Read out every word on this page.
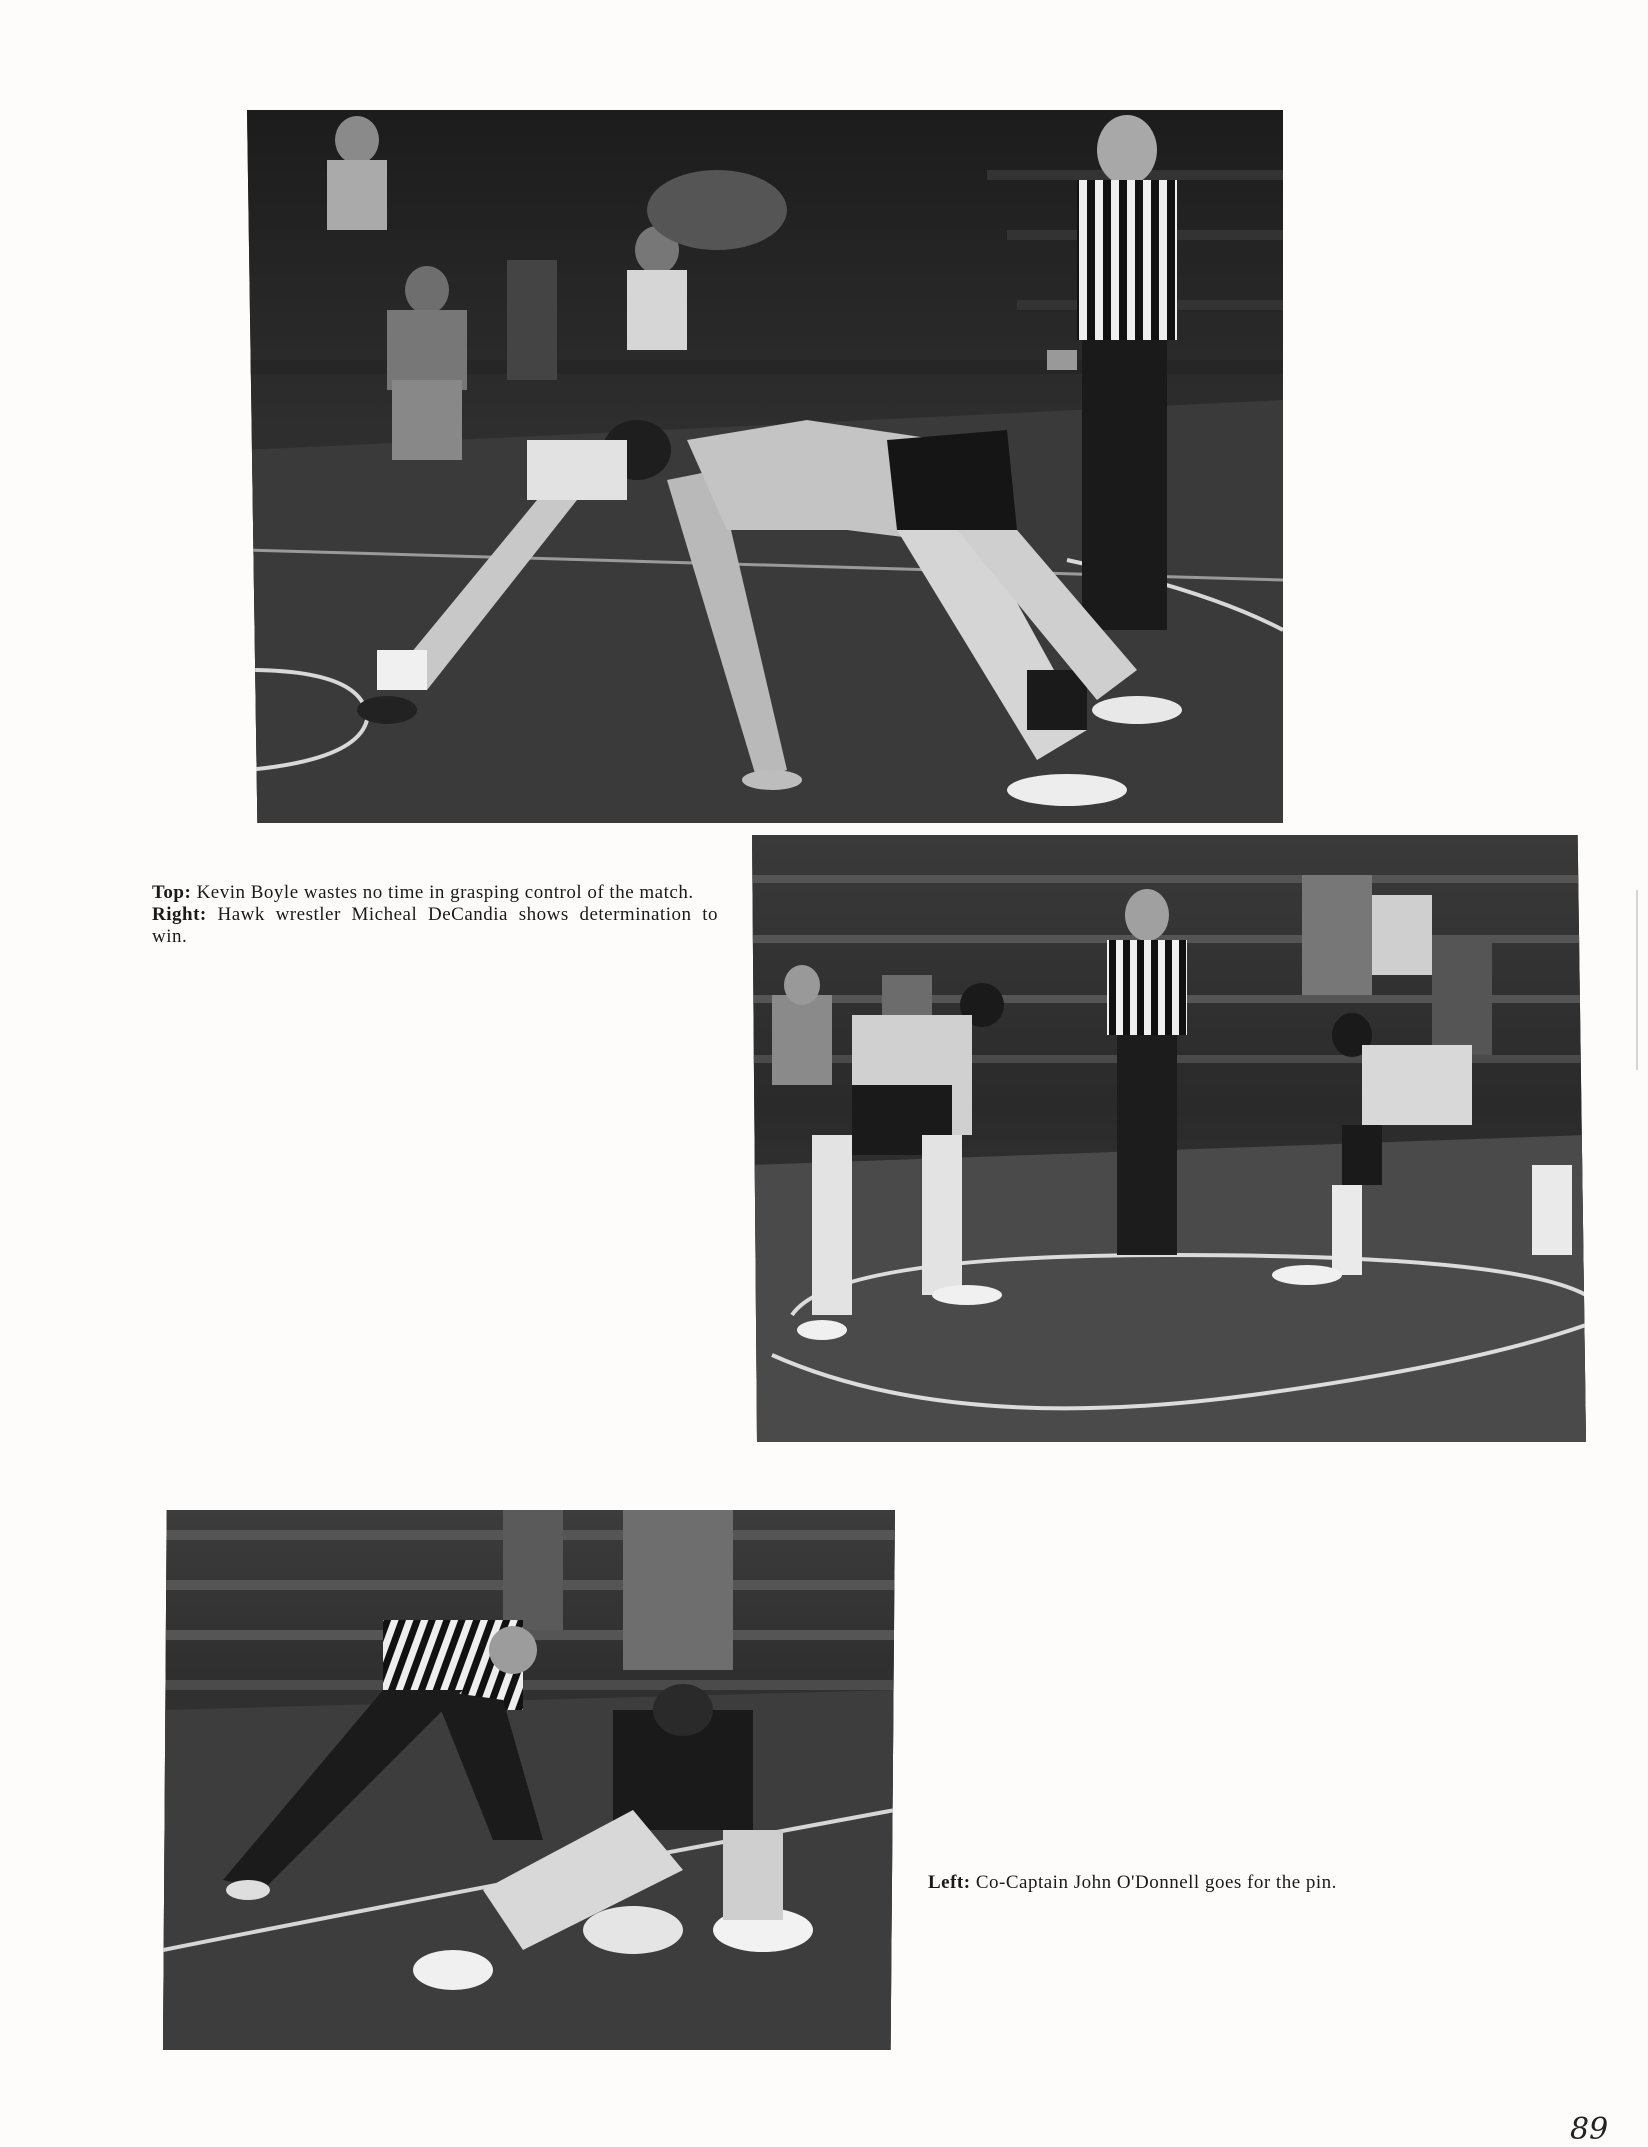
Top: Kevin Boyle wastes no time in grasping control of the match.

Right: Hawk wrestler Micheal DeCandia shows determination to win.

Left: Co-Captain John O'Donnell goes for the pin.
89
